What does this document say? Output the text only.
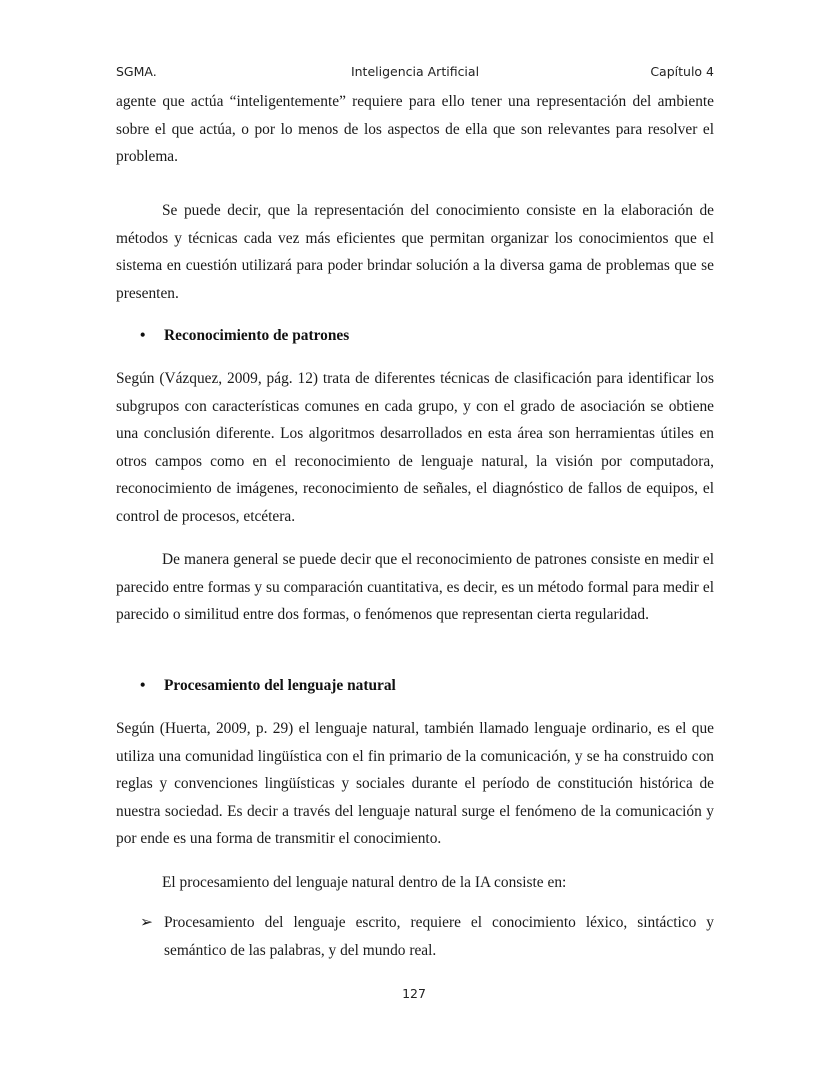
SGMA.	Inteligencia Artificial	Capítulo 4

agente que actúa “inteligentemente” requiere para ello tener una representación del ambiente sobre el que actúa, o por lo menos de los aspectos de ella que son relevantes para resolver el problema.

Se puede decir, que la representación del conocimiento consiste en la elaboración de métodos y técnicas cada vez más eficientes que permitan organizar los conocimientos que el sistema en cuestión utilizará para poder brindar solución a la diversa gama de problemas que se presenten.

• Reconocimiento de patrones

Según (Vázquez, 2009, pág. 12) trata de diferentes técnicas de clasificación para identificar los subgrupos con características comunes en cada grupo, y con el grado de asociación se obtiene una conclusión diferente. Los algoritmos desarrollados en esta área son herramientas útiles en otros campos como en el reconocimiento de lenguaje natural, la visión por computadora, reconocimiento de imágenes, reconocimiento de señales, el diagnóstico de fallos de equipos, el control de procesos, etcétera.

De manera general se puede decir que el reconocimiento de patrones consiste en medir el parecido entre formas y su comparación cuantitativa, es decir, es un método formal para medir el parecido o similitud entre dos formas, o fenómenos que representan cierta regularidad.

• Procesamiento del lenguaje natural

Según (Huerta, 2009, p. 29) el lenguaje natural, también llamado lenguaje ordinario, es el que utiliza una comunidad lingüística con el fin primario de la comunicación, y se ha construido con reglas y convenciones lingüísticas y sociales durante el período de constitución histórica de nuestra sociedad. Es decir a través del lenguaje natural surge el fenómeno de la comunicación y por ende es una forma de transmitir el conocimiento.

El procesamiento del lenguaje natural dentro de la IA consiste en:

➢ Procesamiento del lenguaje escrito, requiere el conocimiento léxico, sintáctico y semántico de las palabras, y del mundo real.
127
